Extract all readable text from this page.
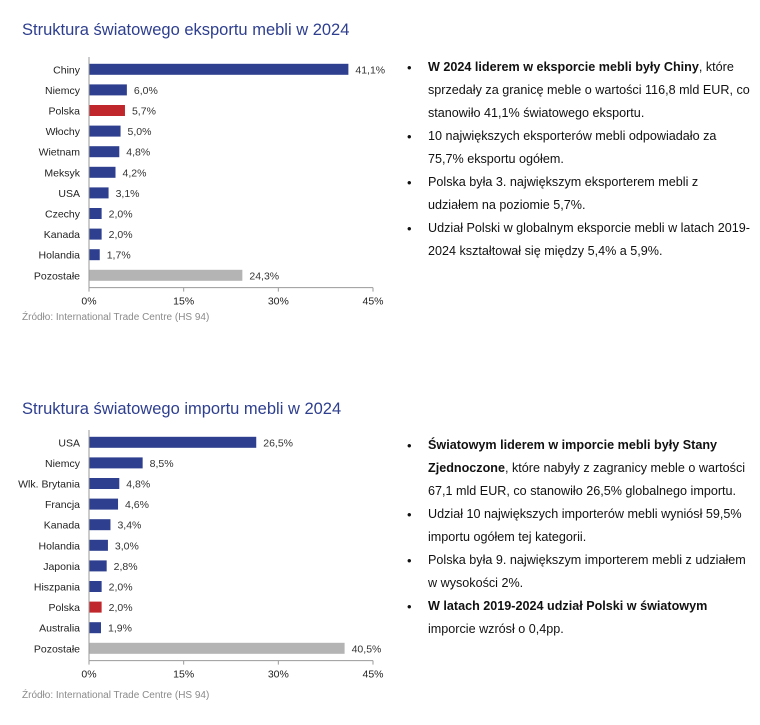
Struktura światowego eksportu mebli w 2024
Chiny	41,1%
Niemcy	6,0%
Polska	5,7%
Włochy	5,0%
Wietnam	4,8%
Meksyk	4,2%
USA	3,1%
Czechy	2,0%
Kanada	2,0%
Holandia	1,7%
Pozostałe	24,3%
0%	15%	30%	45%
Źródło: International Trade Centre (HS 94)
• W 2024 liderem w eksporcie mebli były Chiny, które sprzedały za granicę meble o wartości 116,8 mld EUR, co stanowiło 41,1% światowego eksportu.
• 10 największych eksporterów mebli odpowiadało za 75,7% eksportu ogółem.
• Polska była 3. największym eksporterem mebli z udziałem na poziomie 5,7%.
• Udział Polski w globalnym eksporcie mebli w latach 2019-2024 kształtował się między 5,4% a 5,9%.
Struktura światowego importu mebli w 2024
USA	26,5%
Niemcy	8,5%
Wlk. Brytania	4,8%
Francja	4,6%
Kanada	3,4%
Holandia	3,0%
Japonia	2,8%
Hiszpania	2,0%
Polska	2,0%
Australia	1,9%
Pozostałe	40,5%
0%	15%	30%	45%
Źródło: International Trade Centre (HS 94)
• Światowym liderem w imporcie mebli były Stany Zjednoczone, które nabyły z zagranicy meble o wartości 67,1 mld EUR, co stanowiło 26,5% globalnego importu.
• Udział 10 największych importerów mebli wyniósł 59,5% importu ogółem tej kategorii.
• Polska była 9. największym importerem mebli z udziałem w wysokości 2%.
• W latach 2019-2024 udział Polski w światowym imporcie wzrósł o 0,4pp.
